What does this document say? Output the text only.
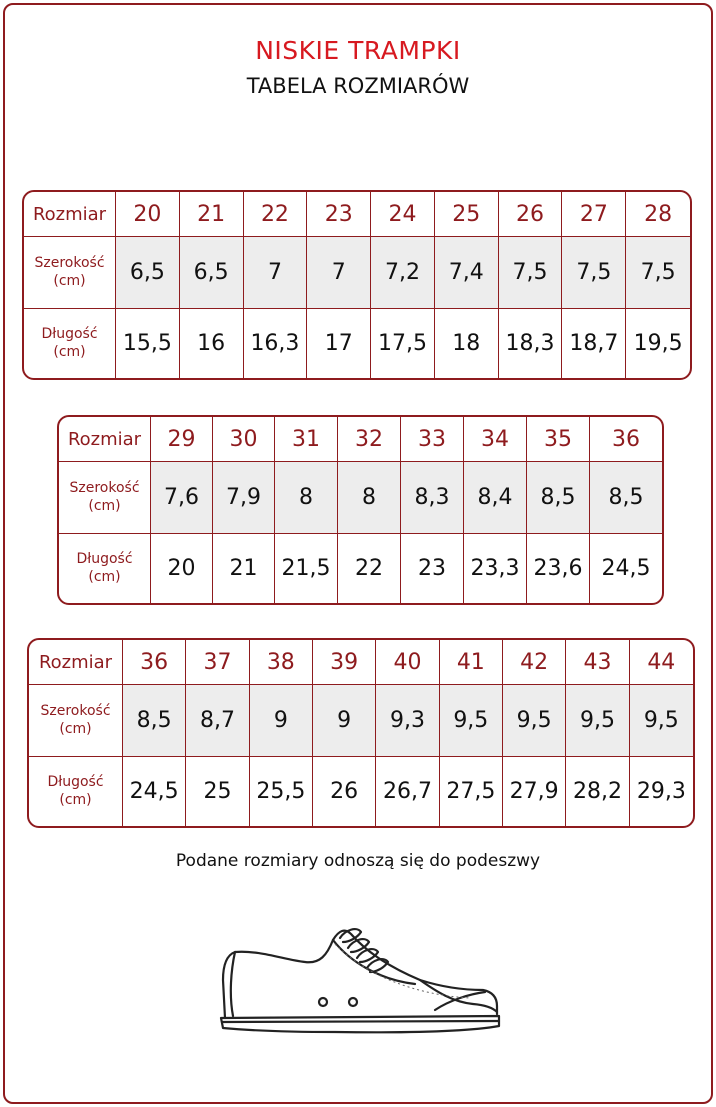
NISKIE TRAMPKI
TABELA ROZMIARÓW
Rozmiar	20	21	22	23	24	25	26	27	28
Szerokość
(cm)	6,5	6,5	7	7	7,2	7,4	7,5	7,5	7,5
Długość
(cm)	15,5	16	16,3	17	17,5	18	18,3 18,7 19,5
Rozmiar	29	30	31	32	33	34	35	36
Szerokość
(cm)	7,6	7,9	8	8	8,3	8,4	8,5	8,5
Długość
(cm)	20	21	21,5	22	23	23,3 23,6 24,5
Rozmiar	36	37	38	39	40	41	42	43	44
Szerokość
(cm)	8,5	8,7	9	9	9,3	9,5	9,5	9,5	9,5
Długość
(cm)	24,5	25	25,5	26	26,7 27,5 27,9 28,2 29,3
Podane rozmiary odnoszą się do podeszwy
